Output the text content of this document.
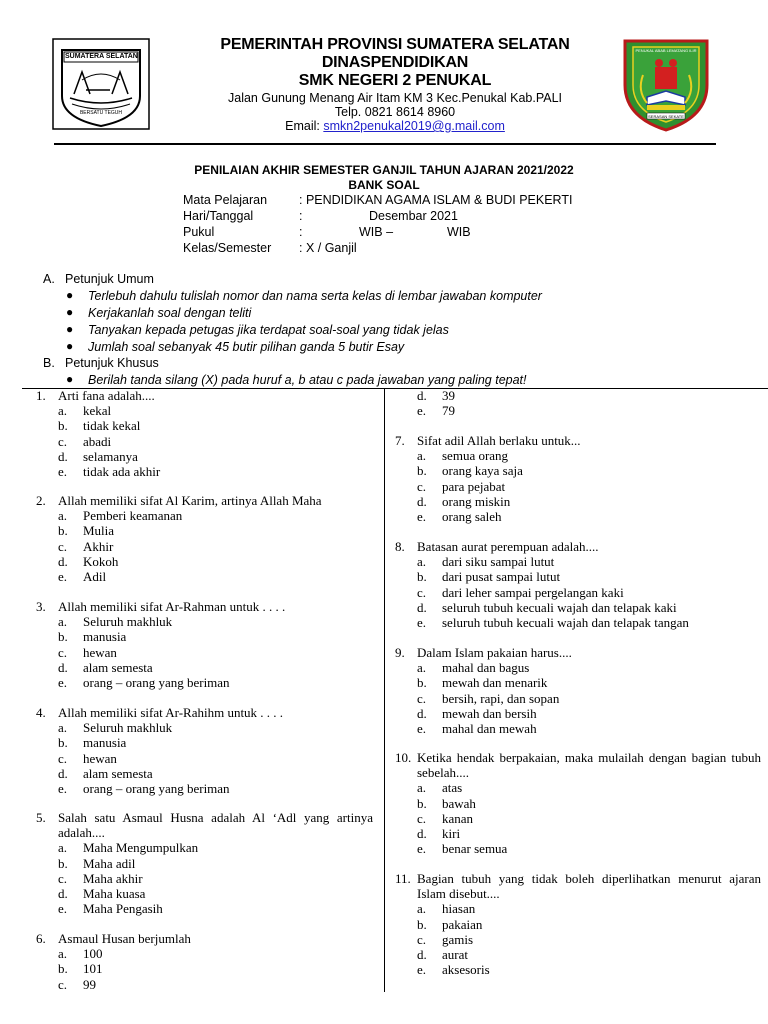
SUMATERA SELATAN
BERSATU TEGUH
PEMERINTAH PROVINSI SUMATERA SELATAN
DINASPENDIDIKAN
SMK NEGERI 2 PENUKAL
Jalan Gunung Menang Air Itam KM 3 Kec.Penukal Kab.PALI
Telp. 0821 8614 8960
Email: smkn2penukal2019@g.mail.com
PENUKAL ABAB LEMATANG ILIR
SERASAN SEKATE
PENILAIAN AKHIR SEMESTER GANJIL TAHUN AJARAN 2021/2022
BANK SOAL
Mata Pelajaran	: PENDIDIKAN AGAMA ISLAM & BUDI PEKERTI
Hari/Tanggal	:	Desembar 2021
Pukul	:	WIB –	WIB
Kelas/Semester : X / Ganjil
A. Petunjuk Umum
● Terlebuh dahulu tulislah nomor dan nama serta kelas di lembar jawaban komputer
● Kerjakanlah soal dengan teliti
● Tanyakan kepada petugas jika terdapat soal-soal yang tidak jelas
● Jumlah soal sebanyak 45 butir pilihan ganda 5 butir Esay
B. Petunjuk Khusus
● Berilah tanda silang (X) pada huruf a, b atau c pada jawaban yang paling tepat!
1. Arti fana adalah....
a.	kekal
b.	tidak kekal
c.	abadi
d.	selamanya
e.	tidak ada akhir
2. Allah memiliki sifat Al Karim, artinya Allah Maha
a.	Pemberi keamanan
b.	Mulia
c.	Akhir
d.	Kokoh
e.	Adil
3. Allah memiliki sifat Ar-Rahman untuk . . . .
a.	Seluruh makhluk
b.	manusia
c.	hewan
d.	alam semesta
e.	orang – orang yang beriman
4. Allah memiliki sifat Ar-Rahihm untuk . . . .
a.	Seluruh makhluk
b.	manusia
c.	hewan
d.	alam semesta
e.	orang – orang yang beriman
5. Salah satu Asmaul Husna adalah Al ‘Adl yang artinya adalah....
a.	Maha Mengumpulkan
b.	Maha adil
c.	Maha akhir
d.	Maha kuasa
e.	Maha Pengasih
6. Asmaul Husan berjumlah
a.	100
b.	101
c.	99
d.	39
e.	79
7. Sifat adil Allah berlaku untuk...
a.	semua orang
b.	orang kaya saja
c.	para pejabat
d.	orang miskin
e.	orang saleh
8. Batasan aurat perempuan adalah....
a.	dari siku sampai lutut
b.	dari pusat sampai lutut
c.	dari leher sampai pergelangan kaki
d.	seluruh tubuh kecuali wajah dan telapak kaki
e.	seluruh tubuh kecuali wajah dan telapak tangan
9. Dalam Islam pakaian harus....
a.	mahal dan bagus
b.	mewah dan menarik
c.	bersih, rapi, dan sopan
d.	mewah dan bersih
e.	mahal dan mewah
10. Ketika hendak berpakaian, maka mulailah dengan bagian tubuh sebelah....
a.	atas
b.	bawah
c.	kanan
d.	kiri
e.	benar semua
11. Bagian tubuh yang tidak boleh diperlihatkan menurut ajaran Islam disebut....
a.	hiasan
b.	pakaian
c.	gamis
d.	aurat
e.	aksesoris
